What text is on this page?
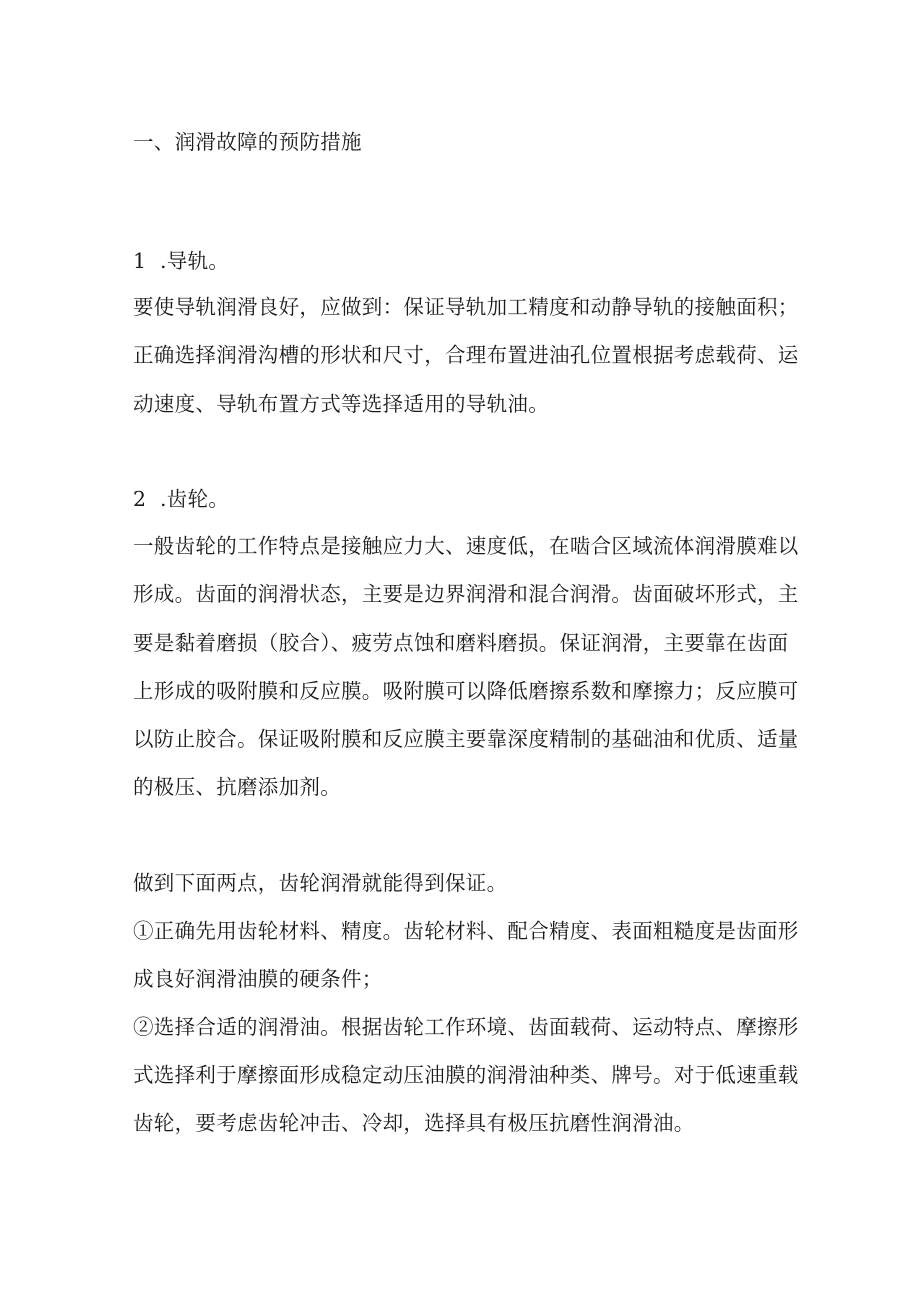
一、润滑故障的预防措施
1  .导轨。
要使导轨润滑良好，应做到：保证导轨加工精度和动静导轨的接触面积；
正确选择润滑沟槽的形状和尺寸，合理布置进油孔位置根据考虑载荷、运
动速度、导轨布置方式等选择适用的导轨油。
2  .齿轮。
一般齿轮的工作特点是接触应力大、速度低，在啮合区域流体润滑膜难以
形成。齿面的润滑状态，主要是边界润滑和混合润滑。齿面破坏形式，主
要是黏着磨损（胶合）、疲劳点蚀和磨料磨损。保证润滑，主要靠在齿面
上形成的吸附膜和反应膜。吸附膜可以降低磨擦系数和摩擦力；反应膜可
以防止胶合。保证吸附膜和反应膜主要靠深度精制的基础油和优质、适量
的极压、抗磨添加剂。
做到下面两点，齿轮润滑就能得到保证。
①正确先用齿轮材料、精度。齿轮材料、配合精度、表面粗糙度是齿面形
成良好润滑油膜的硬条件；
②选择合适的润滑油。根据齿轮工作环境、齿面载荷、运动特点、摩擦形
式选择利于摩擦面形成稳定动压油膜的润滑油种类、牌号。对于低速重载
齿轮，要考虑齿轮冲击、冷却，选择具有极压抗磨性润滑油。
